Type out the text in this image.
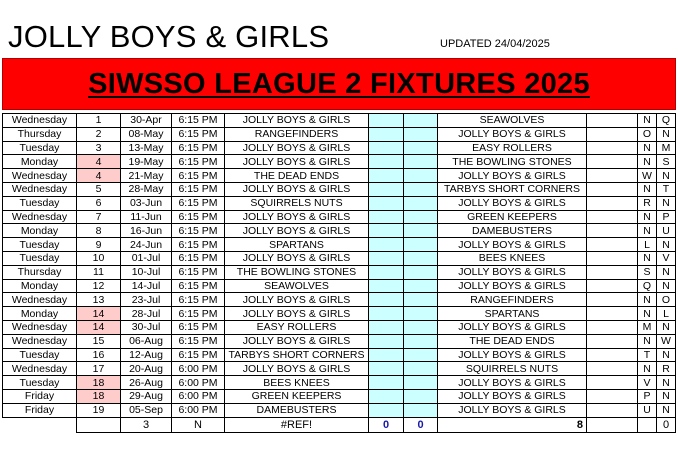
JOLLY BOYS & GIRLS	UPDATED 24/04/2025
SIWSSO LEAGUE 2 FIXTURES 2025
Wednesday	1	30-Apr	6:15 PM	JOLLY BOYS & GIRLS			SEAWOLVES		N	Q
Thursday	2	08-May	6:15 PM	RANGEFINDERS			JOLLY BOYS & GIRLS		O	N
Tuesday	3	13-May	6:15 PM	JOLLY BOYS & GIRLS			EASY ROLLERS		N	M
Monday	4	19-May	6:15 PM	JOLLY BOYS & GIRLS			THE BOWLING STONES		N	S
Wednesday	4	21-May	6:15 PM	THE DEAD ENDS			JOLLY BOYS & GIRLS		W	N
Wednesday	5	28-May	6:15 PM	JOLLY BOYS & GIRLS			TARBYS SHORT CORNERS		N	T
Tuesday	6	03-Jun	6:15 PM	SQUIRRELS NUTS			JOLLY BOYS & GIRLS		R	N
Wednesday	7	11-Jun	6:15 PM	JOLLY BOYS & GIRLS			GREEN KEEPERS		N	P
Monday	8	16-Jun	6:15 PM	JOLLY BOYS & GIRLS			DAMEBUSTERS		N	U
Tuesday	9	24-Jun	6:15 PM	SPARTANS			JOLLY BOYS & GIRLS		L	N
Tuesday	10	01-Jul	6:15 PM	JOLLY BOYS & GIRLS			BEES KNEES		N	V
Thursday	11	10-Jul	6:15 PM	THE BOWLING STONES			JOLLY BOYS & GIRLS		S	N
Monday	12	14-Jul	6:15 PM	SEAWOLVES			JOLLY BOYS & GIRLS		Q	N
Wednesday	13	23-Jul	6:15 PM	JOLLY BOYS & GIRLS			RANGEFINDERS		N	O
Monday	14	28-Jul	6:15 PM	JOLLY BOYS & GIRLS			SPARTANS		N	L
Wednesday	14	30-Jul	6:15 PM	EASY ROLLERS			JOLLY BOYS & GIRLS		M	N
Wednesday	15	06-Aug	6:15 PM	JOLLY BOYS & GIRLS			THE DEAD ENDS		N	W
Tuesday	16	12-Aug	6:15 PM	TARBYS SHORT CORNERS			JOLLY BOYS & GIRLS		T	N
Wednesday	17	20-Aug	6:00 PM	JOLLY BOYS & GIRLS			SQUIRRELS NUTS		N	R
Tuesday	18	26-Aug	6:00 PM	BEES KNEES			JOLLY BOYS & GIRLS		V	N
Friday	18	29-Aug	6:00 PM	GREEN KEEPERS			JOLLY BOYS & GIRLS		P	N
Friday	19	05-Sep	6:00 PM	DAMEBUSTERS			JOLLY BOYS & GIRLS		U	N
		3	N	#REF!	0	0	8			0
